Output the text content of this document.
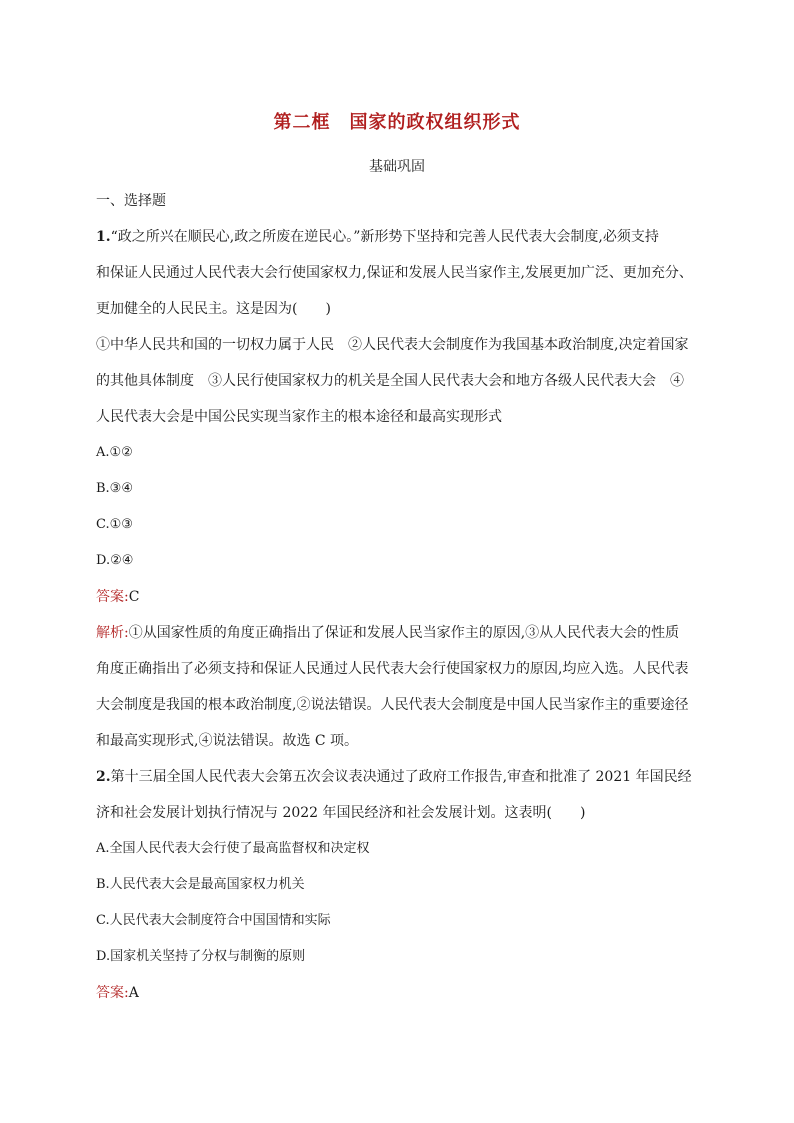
第二框　国家的政权组织形式
基础巩固
一、选择题
1.“政之所兴在顺民心,政之所废在逆民心。”新形势下坚持和完善人民代表大会制度,必须支持
和保证人民通过人民代表大会行使国家权力,保证和发展人民当家作主,发展更加广泛、更加充分、
更加健全的人民民主。这是因为(　　)
①中华人民共和国的一切权力属于人民　②人民代表大会制度作为我国基本政治制度,决定着国家
的其他具体制度　③人民行使国家权力的机关是全国人民代表大会和地方各级人民代表大会　④
人民代表大会是中国公民实现当家作主的根本途径和最高实现形式
A.①②
B.③④
C.①③
D.②④
答案:C
解析:①从国家性质的角度正确指出了保证和发展人民当家作主的原因,③从人民代表大会的性质
角度正确指出了必须支持和保证人民通过人民代表大会行使国家权力的原因,均应入选。人民代表
大会制度是我国的根本政治制度,②说法错误。人民代表大会制度是中国人民当家作主的重要途径
和最高实现形式,④说法错误。故选 C 项。
2.第十三届全国人民代表大会第五次会议表决通过了政府工作报告,审查和批准了 2021 年国民经
济和社会发展计划执行情况与 2022 年国民经济和社会发展计划。这表明(　　)
A.全国人民代表大会行使了最高监督权和决定权
B.人民代表大会是最高国家权力机关
C.人民代表大会制度符合中国国情和实际
D.国家机关坚持了分权与制衡的原则
答案:A
